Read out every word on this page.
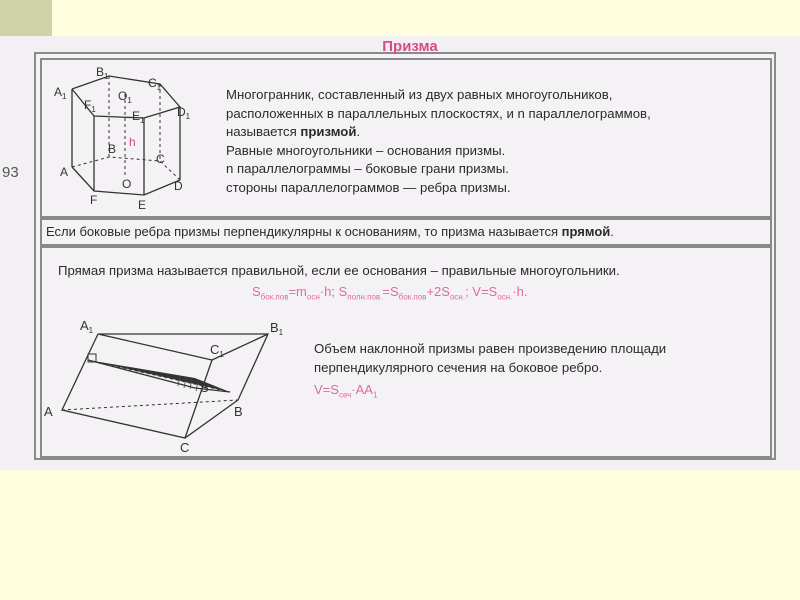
93
Призма
$A_1$
$B_1$	$C_1$
$D_1$
$E_1$
$F_1$
$O_1$
h
B
C
A
O	D
F	E
Многогранник, составленный из двух равных многоугольников,
расположенных в параллельных плоскостях, и n параллелограммов,
называется призмой.
Равные многоугольники – основания призмы.
n параллелограммы – боковые грани призмы.
стороны параллелограммов — ребра призмы.
Если боковые ребра призмы перпендикулярны к основаниям, то призма называется прямой.
Прямая призма называется правильной, если ее основания – правильные многоугольники.
$S_{бок.пов}=m_{осн}\cdot h$; $S_{полн.пов.}=S_{бок.пов}+2S_{осн.}$; $V=S_{осн.}\cdot h$.
$A_1$	$B_1$
$C_1$
A	B
C
S
Объем наклонной призмы равен произведению площади
перпендикулярного сечения на боковое ребро.
$V=S_{сеч}\cdot AA_1$
